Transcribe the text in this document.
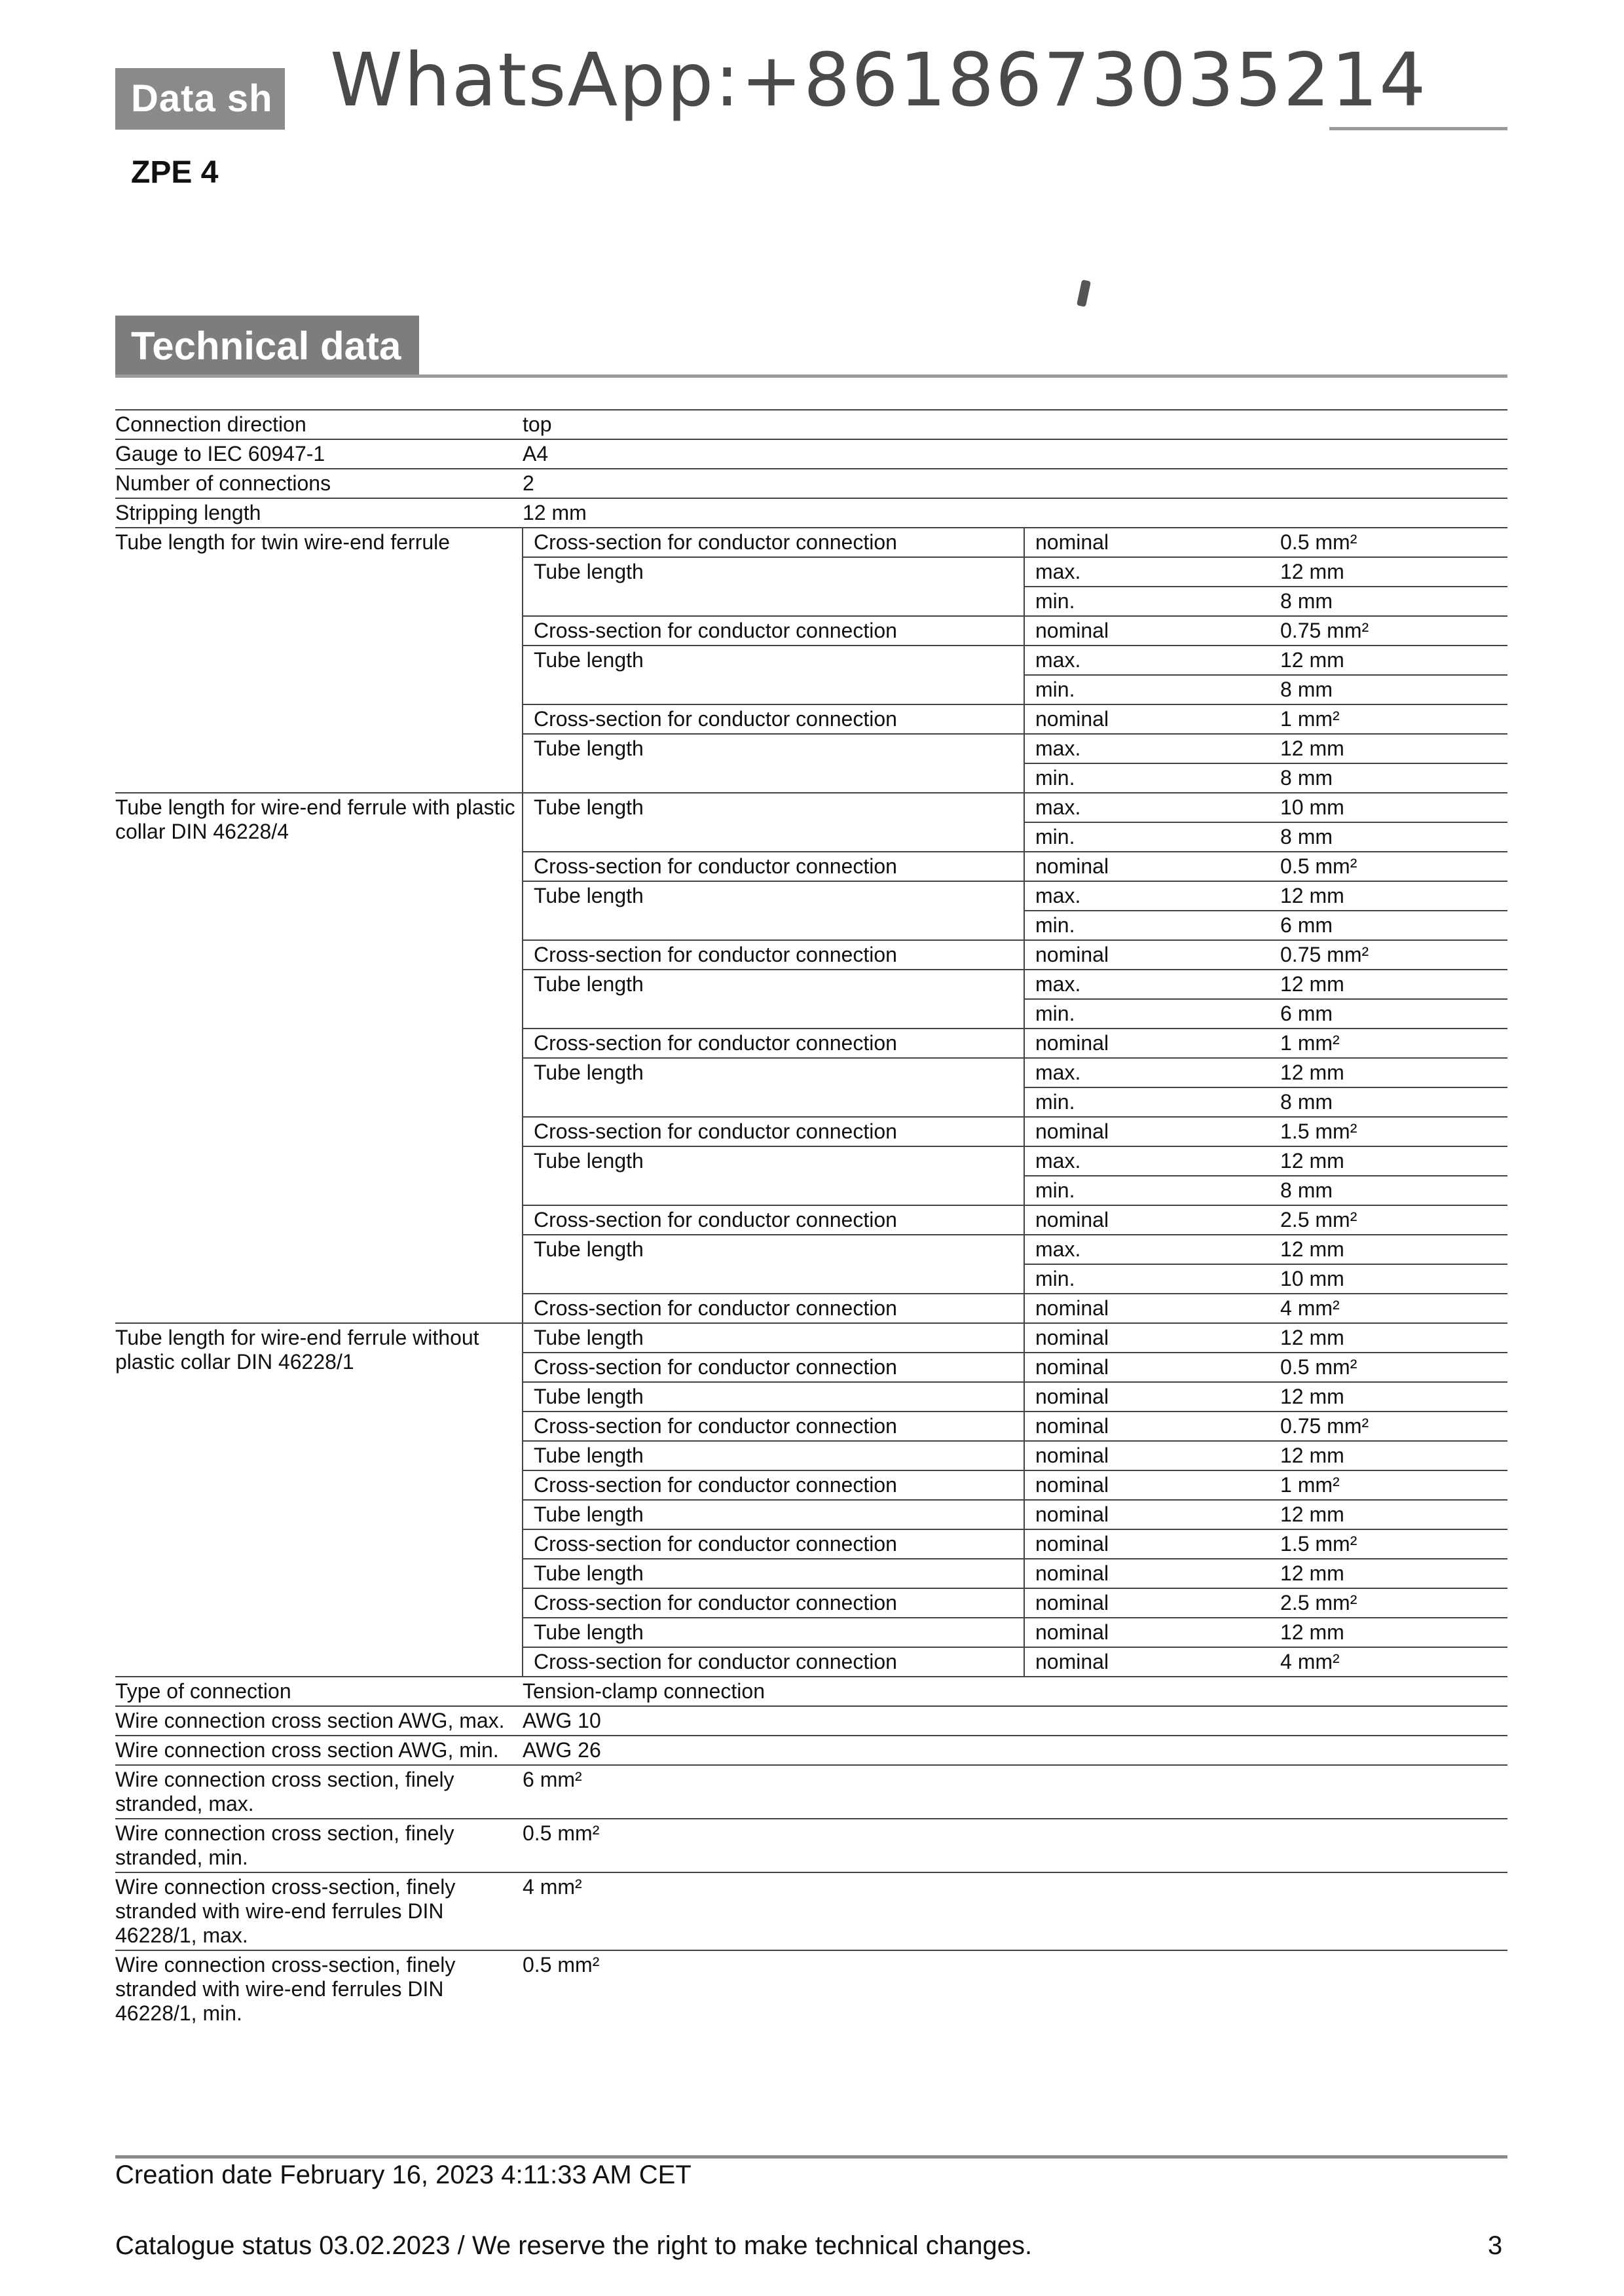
Data sh WhatsApp:+8618673035214
ZPE 4
Technical data
Connection direction	top		
Gauge to IEC 60947-1	A4		
Number of connections	2		
Stripping length	12 mm		
Tube length for twin wire-end ferrule	Cross-section for conductor connection	nominal	0.5 mm²
	Tube length	max.	12 mm
		min.	8 mm
	Cross-section for conductor connection	nominal	0.75 mm²
	Tube length	max.	12 mm
		min.	8 mm
	Cross-section for conductor connection	nominal	1 mm²
	Tube length	max.	12 mm
		min.	8 mm
Tube length for wire-end ferrule with plastic collar DIN 46228/4	Tube length	max.	10 mm
		min.	8 mm
	Cross-section for conductor connection	nominal	0.5 mm²
	Tube length	max.	12 mm
		min.	6 mm
	Cross-section for conductor connection	nominal	0.75 mm²
	Tube length	max.	12 mm
		min.	6 mm
	Cross-section for conductor connection	nominal	1 mm²
	Tube length	max.	12 mm
		min.	8 mm
	Cross-section for conductor connection	nominal	1.5 mm²
	Tube length	max.	12 mm
		min.	8 mm
	Cross-section for conductor connection	nominal	2.5 mm²
	Tube length	max.	12 mm
		min.	10 mm
	Cross-section for conductor connection	nominal	4 mm²
Tube length for wire-end ferrule without plastic collar DIN 46228/1	Tube length	nominal	12 mm
	Cross-section for conductor connection	nominal	0.5 mm²
	Tube length	nominal	12 mm
	Cross-section for conductor connection	nominal	0.75 mm²
	Tube length	nominal	12 mm
	Cross-section for conductor connection	nominal	1 mm²
	Tube length	nominal	12 mm
	Cross-section for conductor connection	nominal	1.5 mm²
	Tube length	nominal	12 mm
	Cross-section for conductor connection	nominal	2.5 mm²
	Tube length	nominal	12 mm
	Cross-section for conductor connection	nominal	4 mm²
Type of connection	Tension-clamp connection		
Wire connection cross section AWG, max.	AWG 10		
Wire connection cross section AWG, min.	AWG 26		
Wire connection cross section, finely stranded, max.	6 mm²		
Wire connection cross section, finely stranded, min.	0.5 mm²		
Wire connection cross-section, finely stranded with wire-end ferrules DIN 46228/1, max.	4 mm²		
Wire connection cross-section, finely stranded with wire-end ferrules DIN 46228/1, min.	0.5 mm²		
Creation date February 16, 2023 4:11:33 AM CET
Catalogue status 03.02.2023 / We reserve the right to make technical changes.	3
